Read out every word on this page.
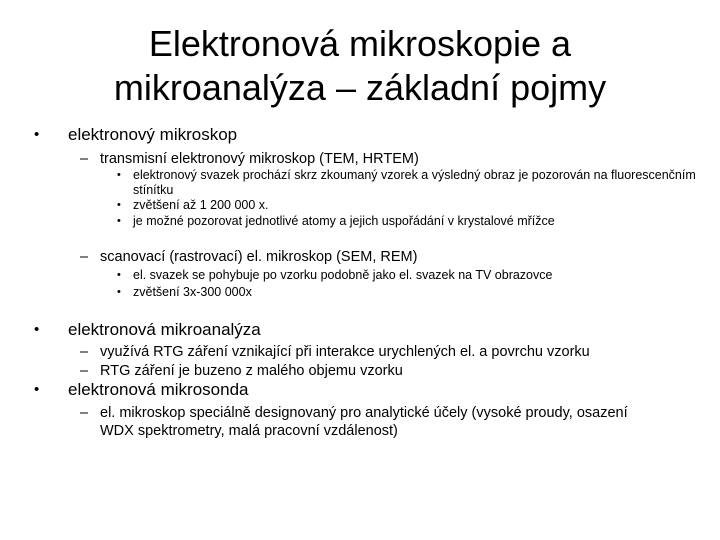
Elektronová mikroskopie a
mikroanalýza – základní pojmy
• elektronový mikroskop
– transmisní elektronový mikroskop (TEM, HRTEM)
• elektronový svazek prochází skrz zkoumaný vzorek a výsledný obraz je pozorován na fluorescenčním stínítku
• zvětšení až 1 200 000 x.
• je možné pozorovat jednotlivé atomy a jejich uspořádání v krystalové mřížce
– scanovací (rastrovací) el. mikroskop (SEM, REM)
• el. svazek se pohybuje po vzorku podobně jako el. svazek na TV obrazovce
• zvětšení 3x-300 000x
• elektronová mikroanalýza
– využívá RTG záření vznikající při interakce urychlených el. a povrchu vzorku
– RTG záření je buzeno z malého objemu vzorku
• elektronová mikrosonda
– el. mikroskop speciálně designovaný pro analytické účely (vysoké proudy, osazení WDX spektrometry, malá pracovní vzdálenost)
